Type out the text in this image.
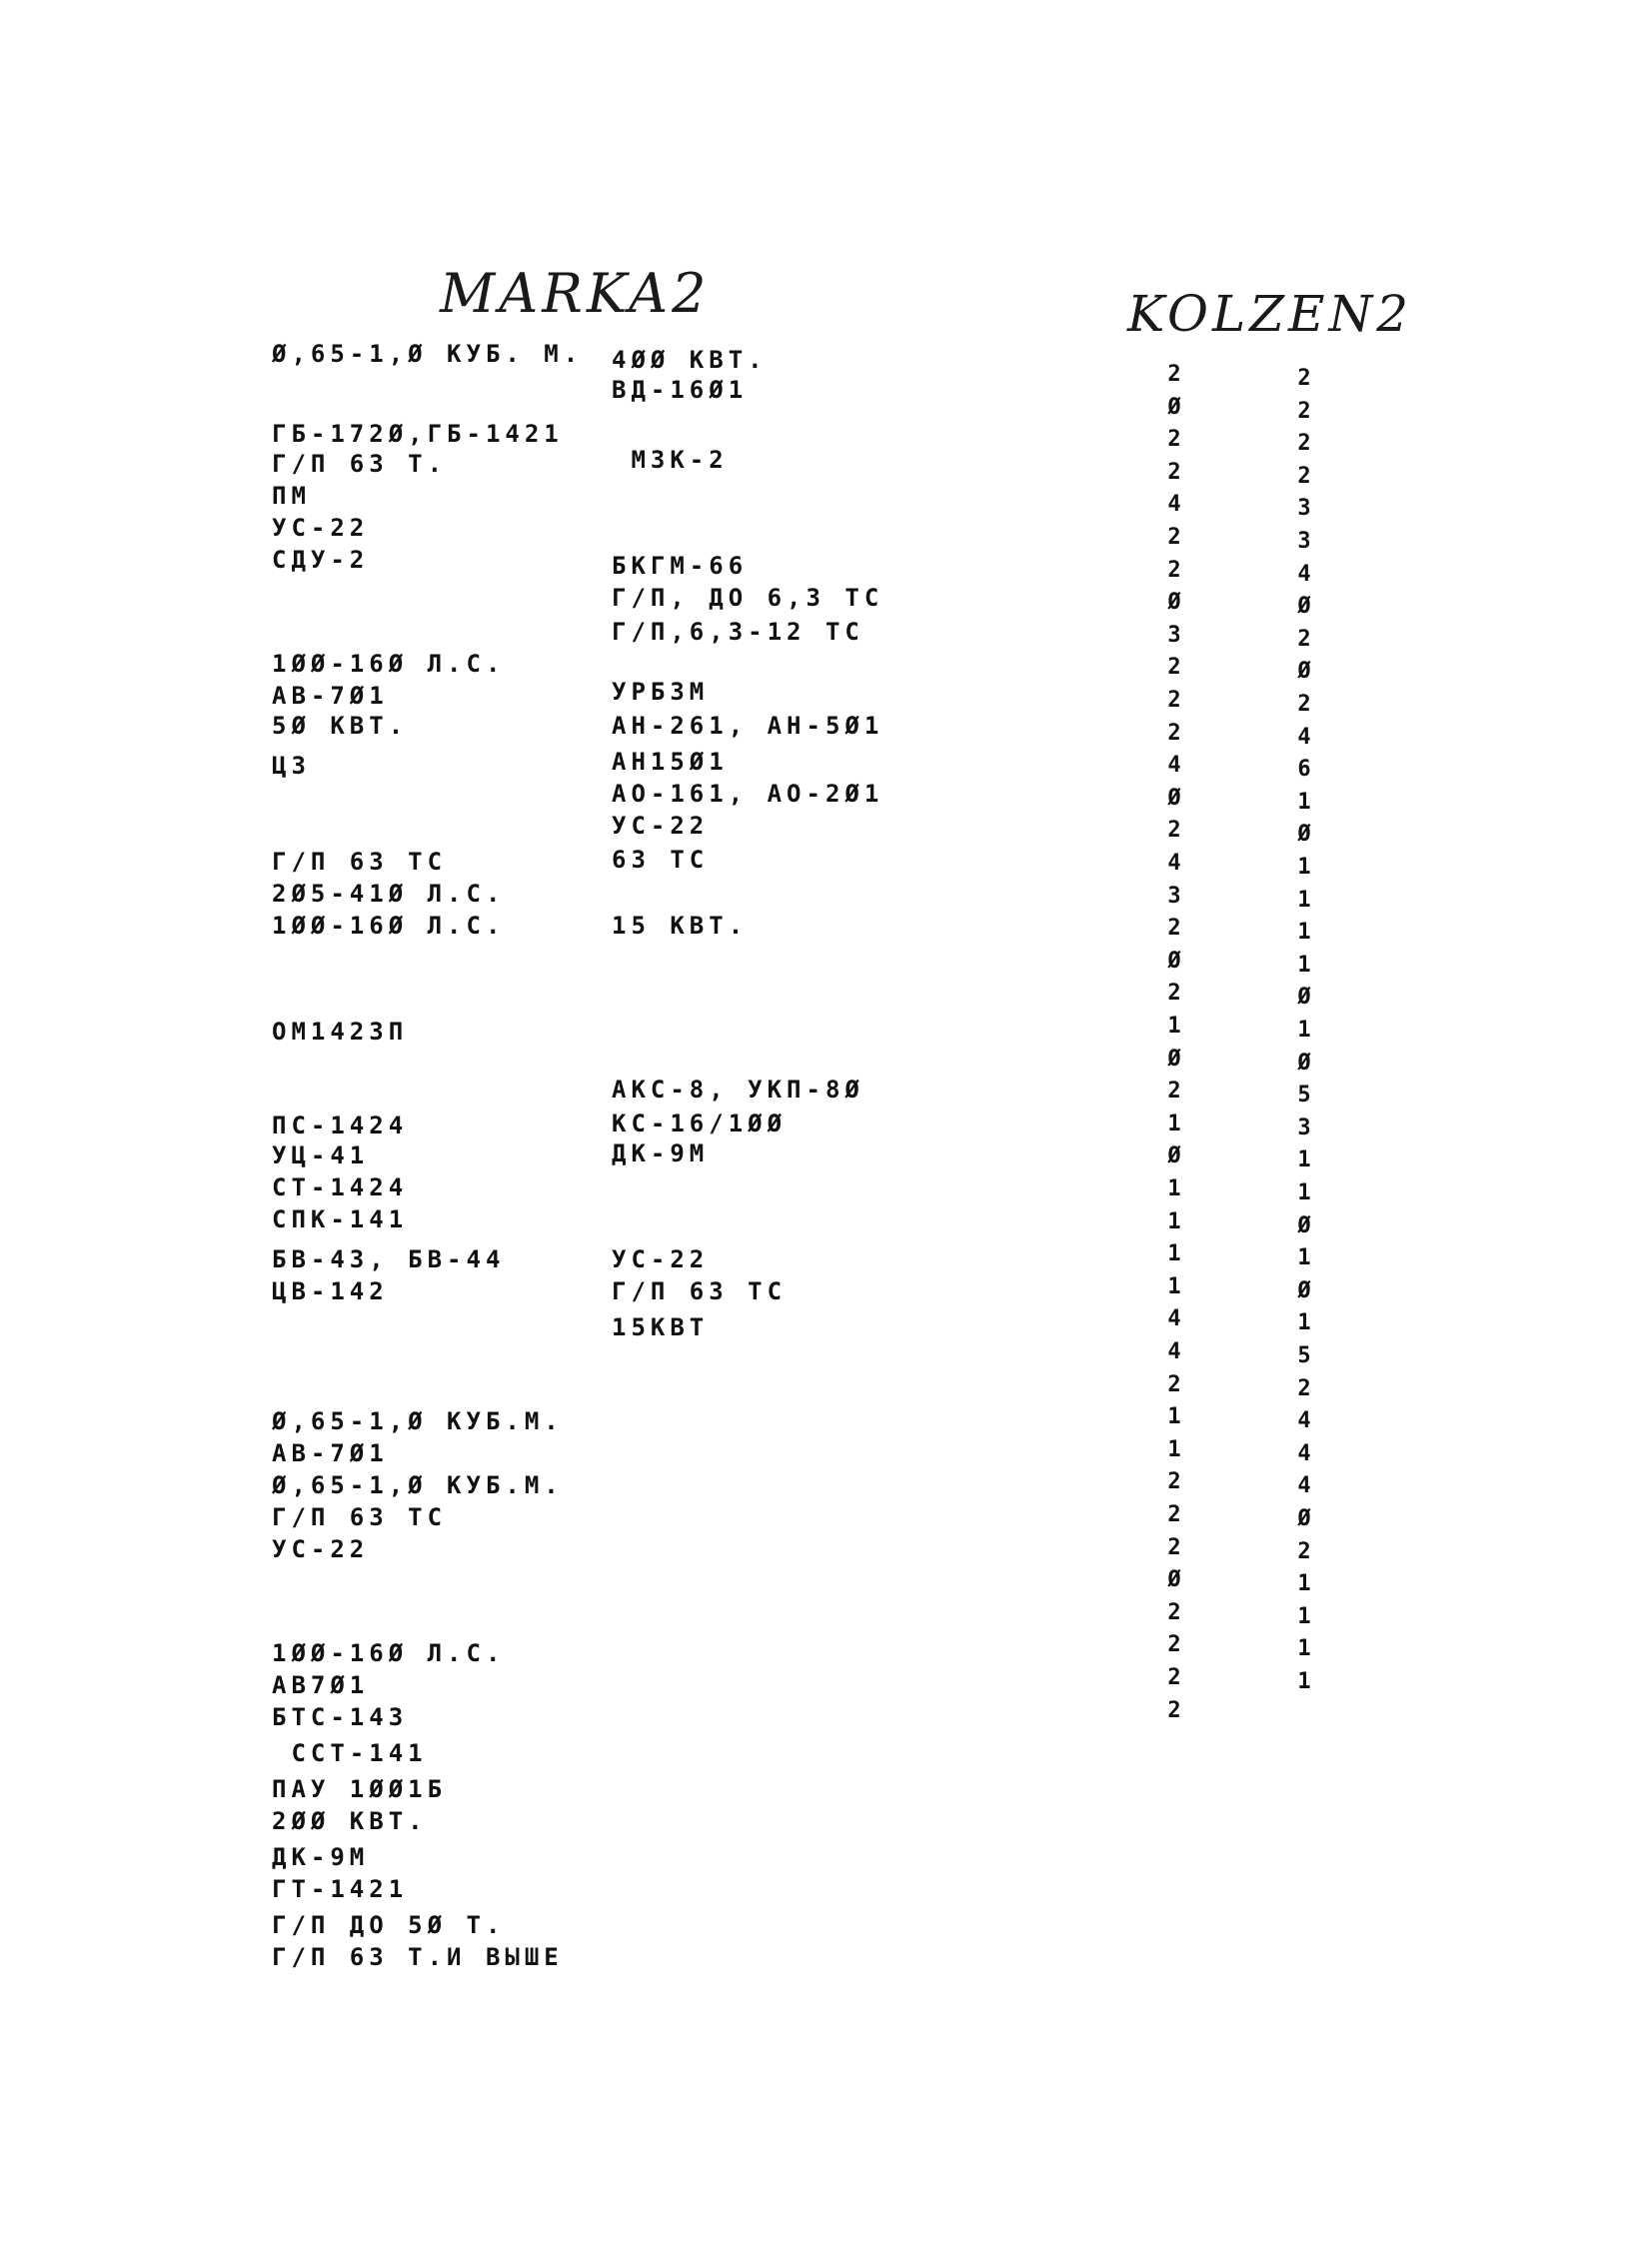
MARKA2	KOLZEN2
Ø,65-1,Ø КУБ. М.
ГБ-172Ø,ГБ-1421
Г/П 63 Т.
ПМ
УС-22
СДУ-2
1ØØ-16Ø Л.С.
АВ-7Ø1
5Ø КВТ.
ЦЗ
Г/П 63 ТС
2Ø5-41Ø Л.С.
1ØØ-16Ø Л.С.
ОМ1423П
ПС-1424
УЦ-41
СТ-1424
СПК-141
БВ-43, БВ-44
ЦВ-142
Ø,65-1,Ø КУБ.М.
АВ-7Ø1
Ø,65-1,Ø КУБ.М.
Г/П 63 ТС
УС-22
1ØØ-16Ø Л.С.
АВ7Ø1
БТС-143
ССТ-141
ПАУ 1ØØ1Б
2ØØ КВТ.
ДК-9М
ГТ-1421
Г/П ДО 5Ø Т.
Г/П 63 Т.И ВЫШЕ
4ØØ КВТ.
ВД-16Ø1
МЗК-2
БКГМ-66
Г/П, ДО 6,3 ТС
Г/П,6,3-12 ТС
УРБЗМ
АН-261, АН-5Ø1
АН15Ø1
АО-161, АО-2Ø1
УС-22
63 ТС
15 КВТ.
АКС-8, УКП-8Ø
КС-16/1ØØ
ДК-9М
УС-22
Г/П 63 ТС
15КВТ
2
Ø
2
2
4
2
2
Ø
3
2
2
2
4
Ø
2
4
3
2
Ø
2
1
Ø
2
1
Ø
1
1
1
1
4
4
2
1
1
2
2
2
Ø
2
2
2
2
2
2
2
2
3
3
4
Ø
2
Ø
2
4
6
1
Ø
1
1
1
1
Ø
1
Ø
5
3
1
1
Ø
1
Ø
1
5
2
4
4
4
Ø
2
1
1
1
1
